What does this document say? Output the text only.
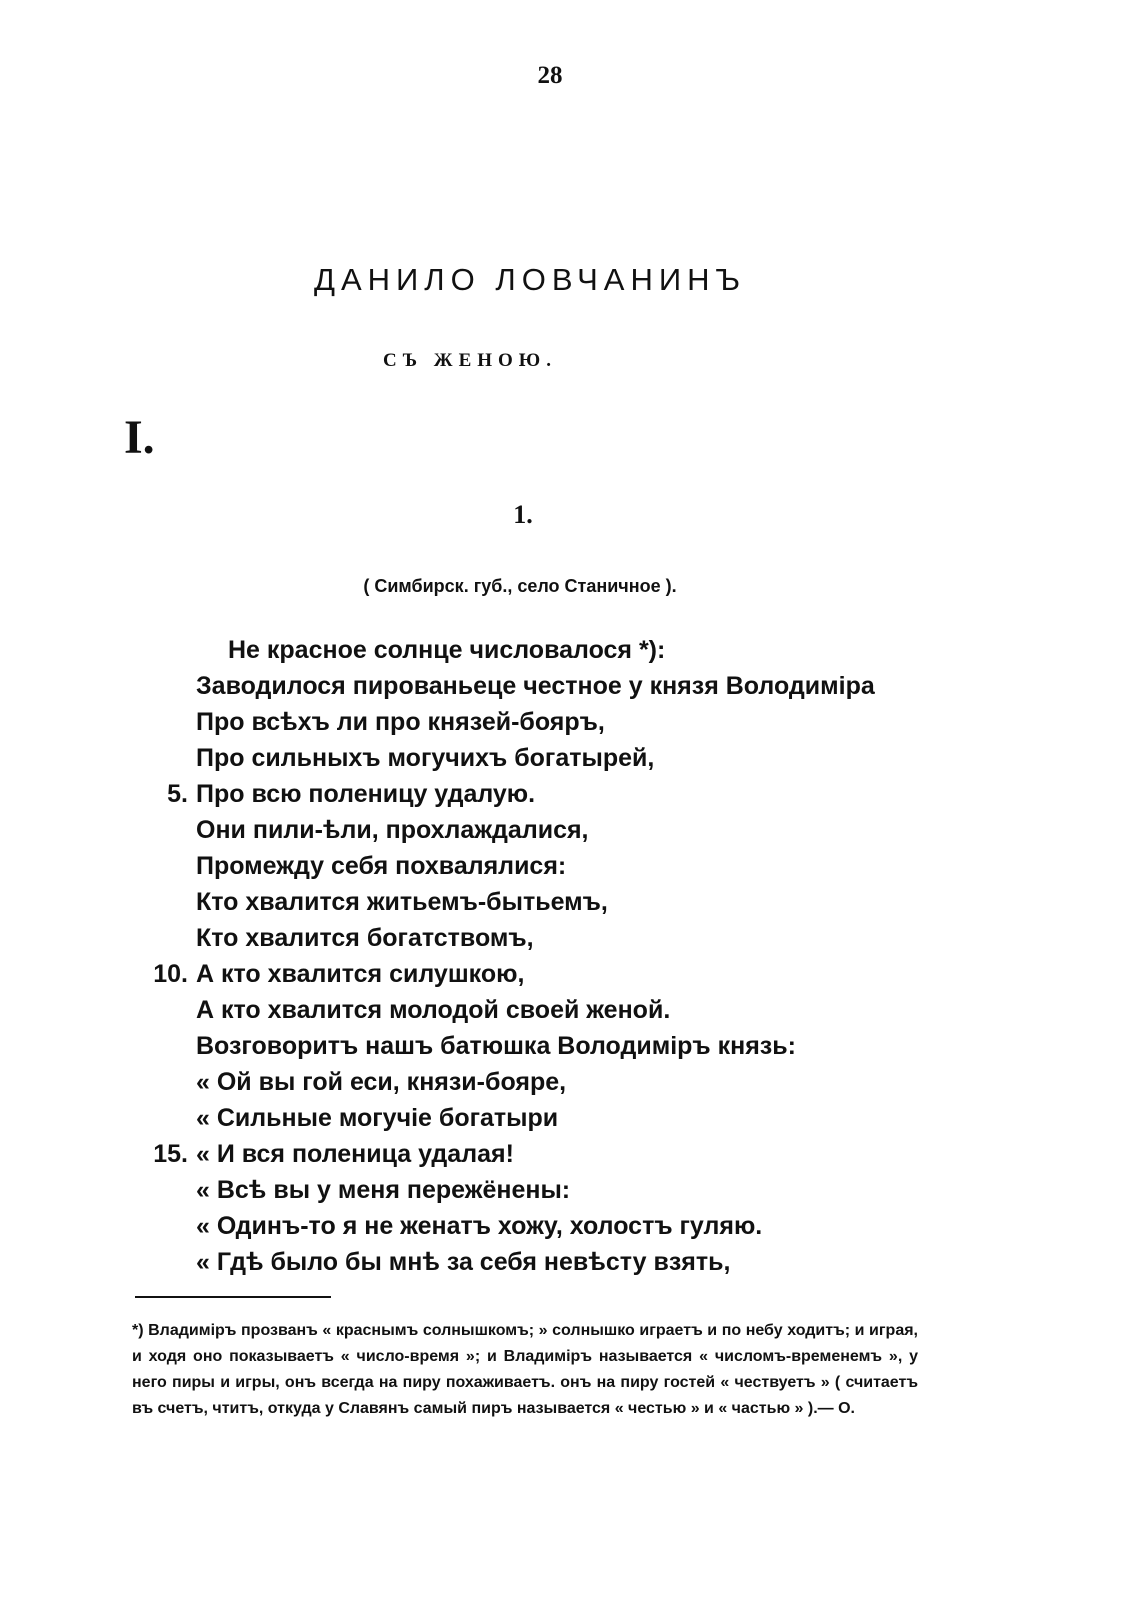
28
ДАНИЛО ЛОВЧАНИНЪ
СЪ ЖЕНОЮ.
I.
1.
( Симбирск. губ., село Станичное ).
Не красное солнце числовалося *):
Заводилося пированьеце честное у князя Володиміра
Про всѣхъ ли про князей-бояръ,
Про сильныхъ могучихъ богатырей,
5. Про всю поленицу удалую.
Они пили-ѣли, прохлаждалися,
Промежду себя похвалялися:
Кто хвалится житьемъ-бытьемъ,
Кто хвалится богатствомъ,
10. А кто хвалится силушкою,
А кто хвалится молодой своей женой.
Возговоритъ нашъ батюшка Володиміръ князь:
« Ой вы гой еси, князи-бояре,
« Сильные могучіе богатыри
15. « И вся поленица удалая!
« Всѣ вы у меня пережёнены:
« Одинъ-то я не женатъ хожу, холостъ гуляю.
« Гдѣ было бы мнѣ за себя невѣсту взять,
*) Владиміръ прозванъ « краснымъ солнышкомъ; » солнышко играетъ и по небу ходитъ; и играя, и ходя оно показываетъ « число-время »; и Владиміръ называется « числомъ-временемъ », у него пиры и игры, онъ всегда на пиру похаживаетъ. онъ на пиру гостей « чествуетъ » ( считаетъ въ счетъ, чтитъ, откуда у Славянъ самый пиръ называется « честью » и « частью » ).— О.
